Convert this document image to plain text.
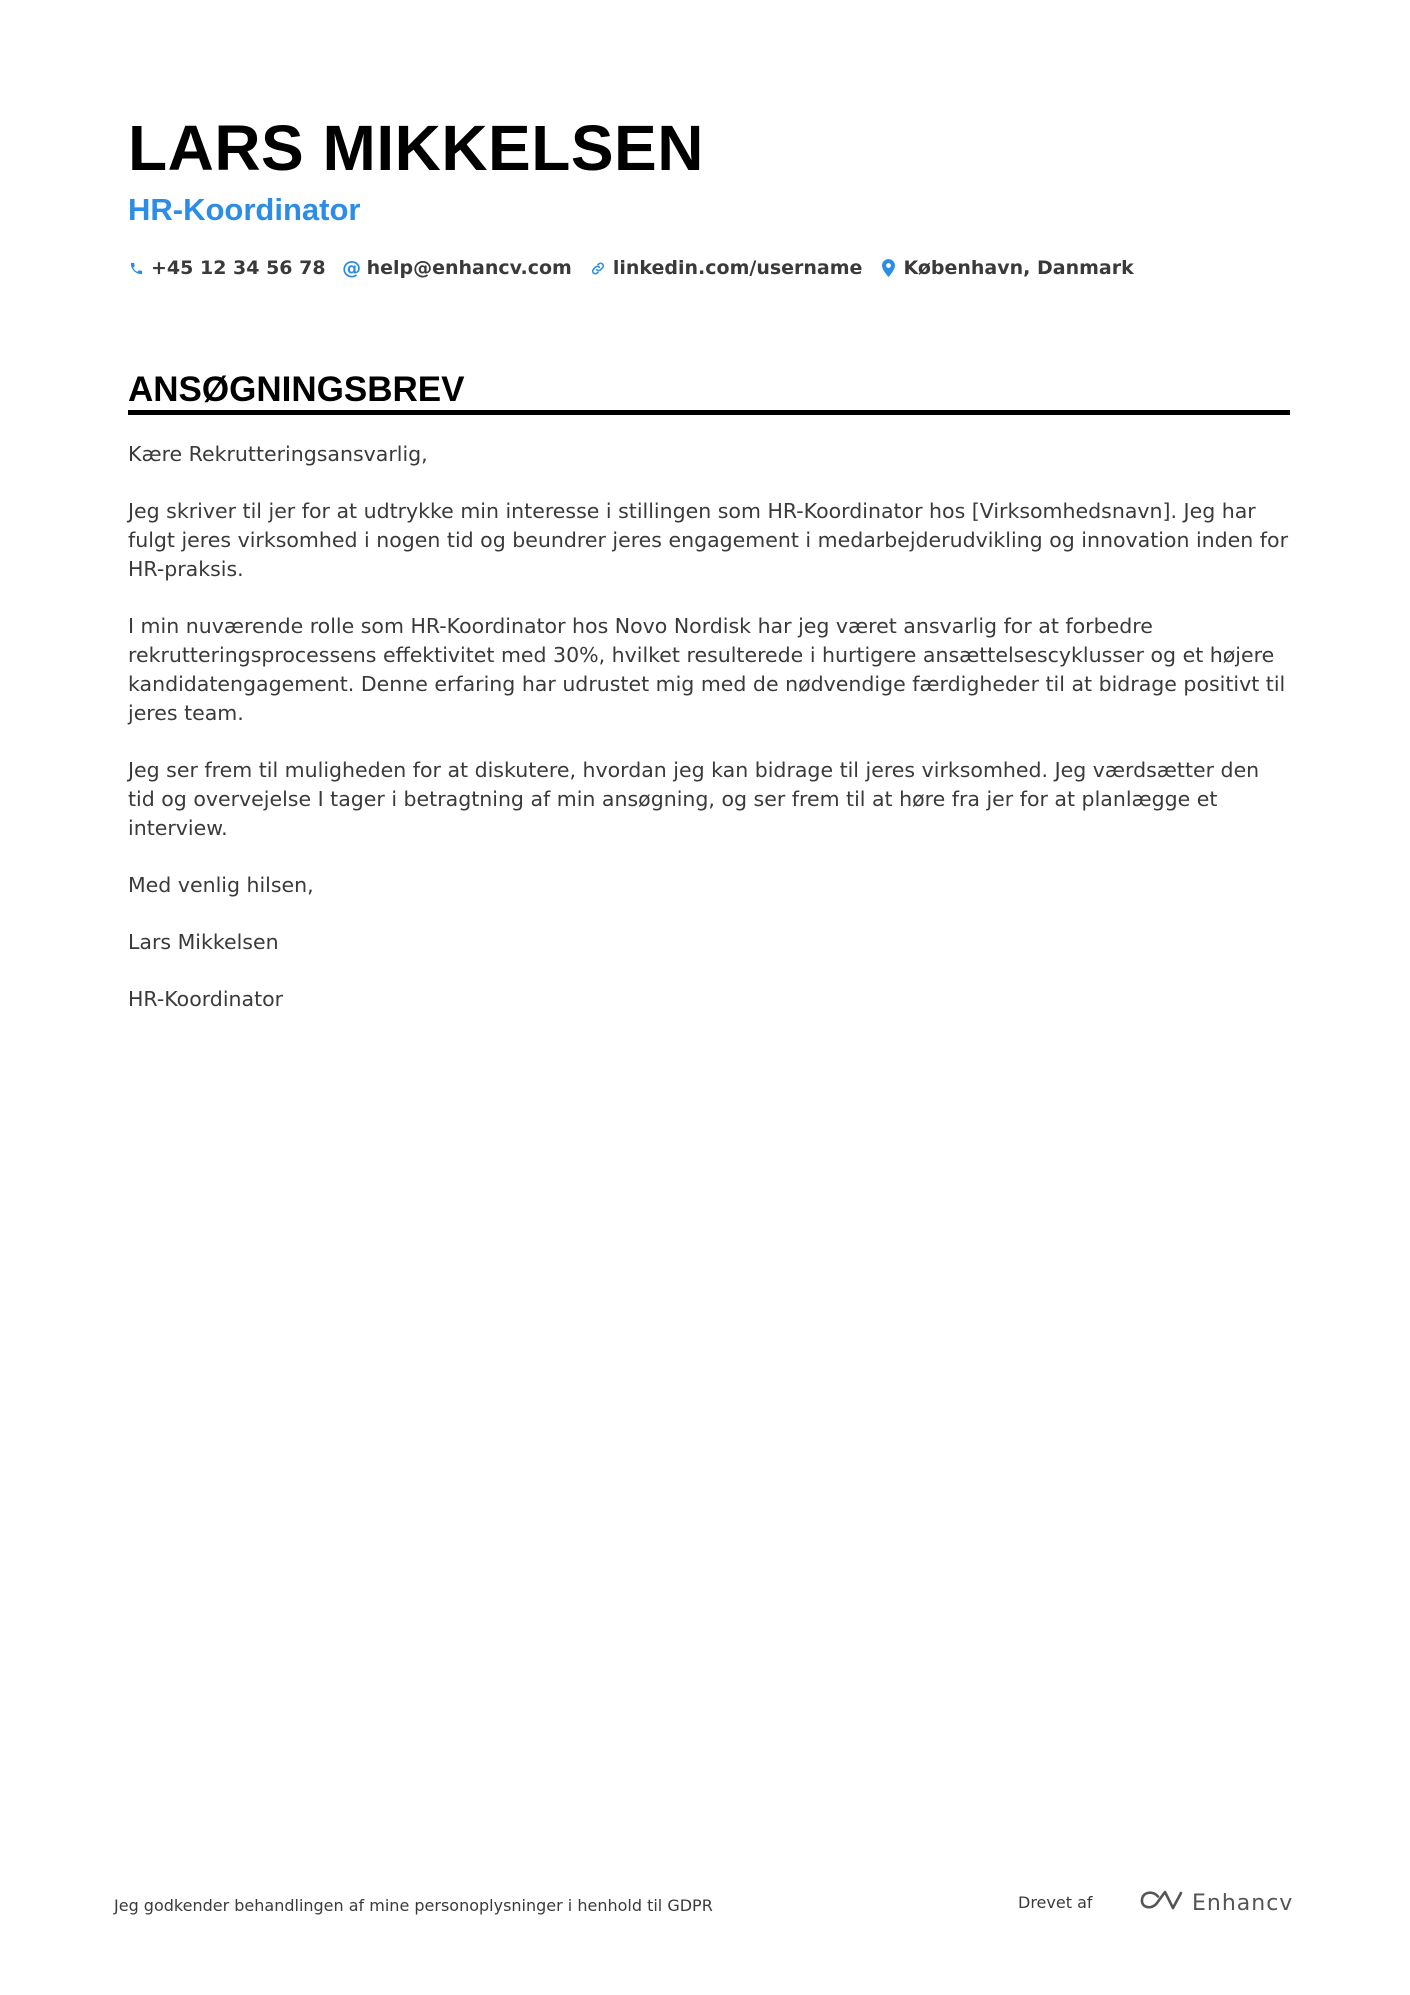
LARS MIKKELSEN
HR-Koordinator
+45 12 34 56 78 @ help@enhancv.com linkedin.com/username København, Danmark
ANSØGNINGSBREV

Kære Rekrutteringsansvarlig,

Jeg skriver til jer for at udtrykke min interesse i stillingen som HR-Koordinator hos [Virksomhedsnavn]. Jeg har fulgt jeres virksomhed i nogen tid og beundrer jeres engagement i medarbejderudvikling og innovation inden for HR-praksis.

I min nuværende rolle som HR-Koordinator hos Novo Nordisk har jeg været ansvarlig for at forbedre rekrutteringsprocessens effektivitet med 30%, hvilket resulterede i hurtigere ansættelsescyklusser og et højere kandidatengagement. Denne erfaring har udrustet mig med de nødvendige færdigheder til at bidrage positivt til jeres team.

Jeg ser frem til muligheden for at diskutere, hvordan jeg kan bidrage til jeres virksomhed. Jeg værdsætter den tid og overvejelse I tager i betragtning af min ansøgning, og ser frem til at høre fra jer for at planlægge et interview.

Med venlig hilsen,

Lars Mikkelsen

HR-Koordinator

Jeg godkender behandlingen af mine personoplysninger i henhold til GDPR	Drevet af	Enhancv
